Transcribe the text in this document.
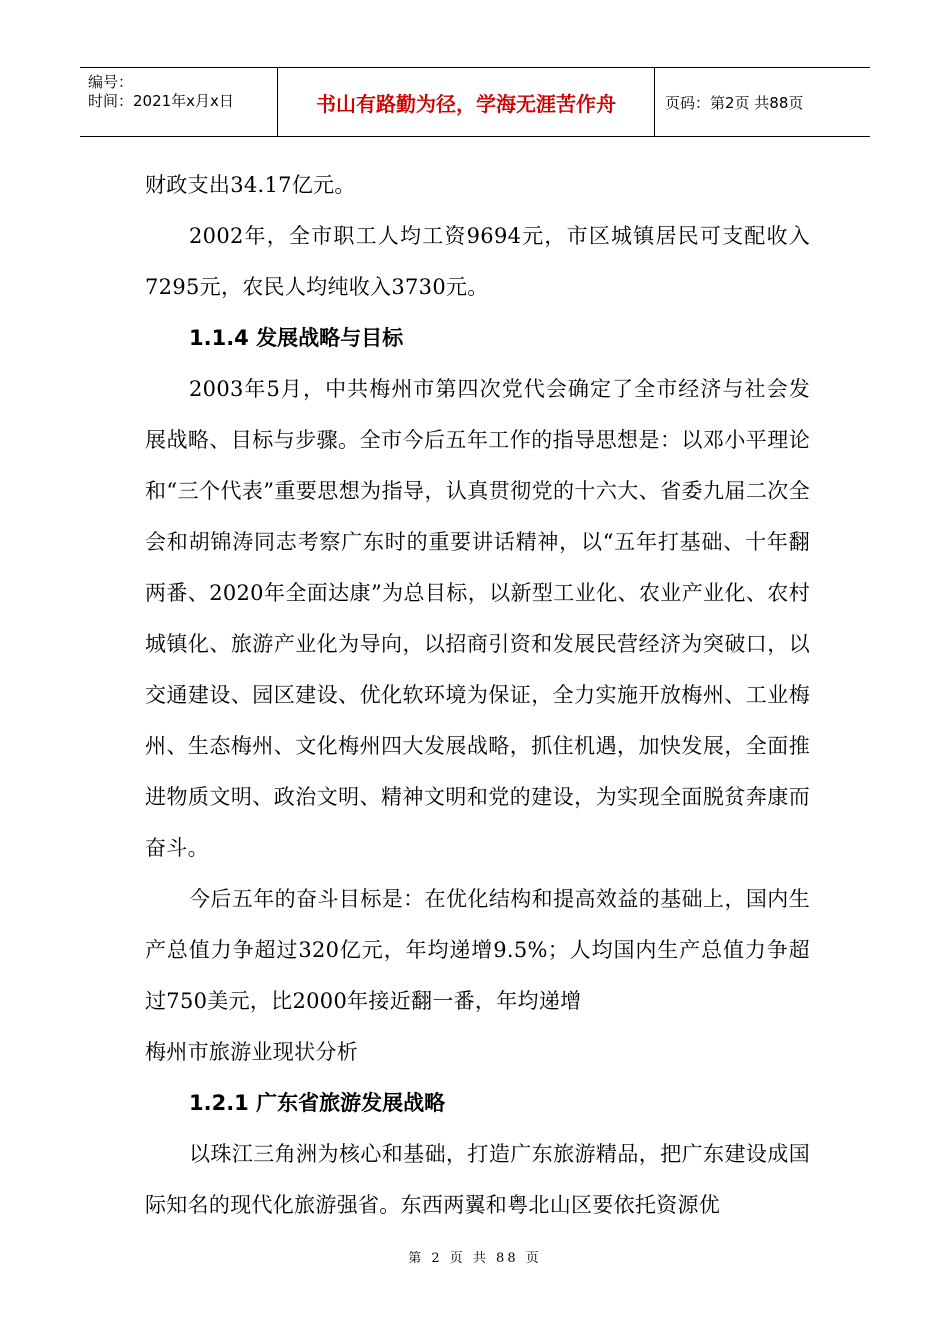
编号：
时间：2021年x月x日	书山有路勤为径，学海无涯苦作舟	页码：第2页 共88页

财政支出34.17亿元。

2002年，全市职工人均工资9694元，市区城镇居民可支配收入7295元，农民人均纯收入3730元。

1.1.4 发展战略与目标

2003年5月，中共梅州市第四次党代会确定了全市经济与社会发展战略、目标与步骤。全市今后五年工作的指导思想是：以邓小平理论和“三个代表”重要思想为指导，认真贯彻党的十六大、省委九届二次全会和胡锦涛同志考察广东时的重要讲话精神，以“五年打基础、十年翻两番、2020年全面达康”为总目标，以新型工业化、农业产业化、农村城镇化、旅游产业化为导向，以招商引资和发展民营经济为突破口，以交通建设、园区建设、优化软环境为保证，全力实施开放梅州、工业梅州、生态梅州、文化梅州四大发展战略，抓住机遇，加快发展，全面推进物质文明、政治文明、精神文明和党的建设，为实现全面脱贫奔康而奋斗。

今后五年的奋斗目标是：在优化结构和提高效益的基础上，国内生产总值力争超过320亿元，年均递增9.5%；人均国内生产总值力争超过750美元，比2000年接近翻一番，年均递增

梅州市旅游业现状分析

1.2.1 广东省旅游发展战略

以珠江三角洲为核心和基础，打造广东旅游精品，把广东建设成国际知名的现代化旅游强省。东西两翼和粤北山区要依托资源优

第 2 页 共 88 页
